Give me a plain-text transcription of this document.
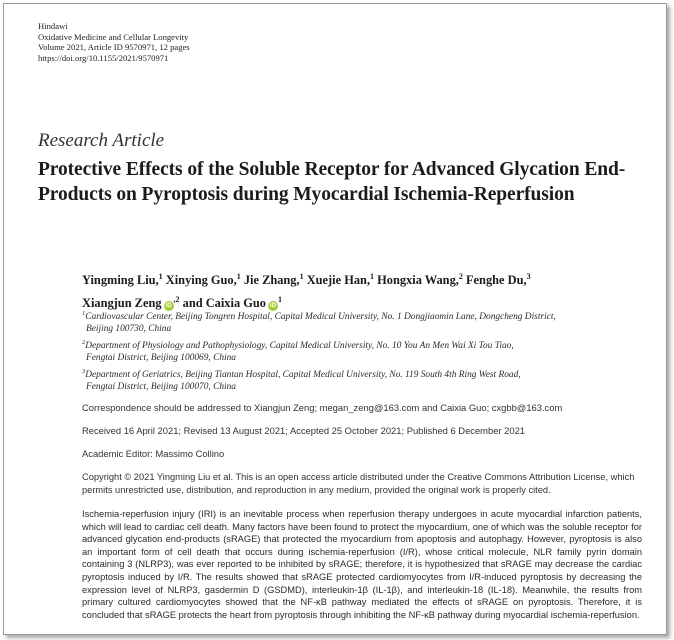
Hindawi
Oxidative Medicine and Cellular Longevity
Volume 2021, Article ID 9570971, 12 pages
https://doi.org/10.1155/2021/9570971
Research Article
Protective Effects of the Soluble Receptor for Advanced Glycation End-Products on Pyroptosis during Myocardial Ischemia-Reperfusion
Yingming Liu,$^1$ Xinying Guo,$^1$ Jie Zhang,$^1$ Xuejie Han,$^1$ Hongxia Wang,$^2$ Fenghe Du,$^3$
Xiangjun Zeng $iD^{,2}$ and Caixia Guo $iD^1$
$^1$Cardiovascular Center, Beijing Tongren Hospital, Capital Medical University, No. 1 Dongjiaomin Lane, Dongcheng District,
Beijing 100730, China
$^2$Department of Physiology and Pathophysiology, Capital Medical University, No. 10 You An Men Wai Xi Tou Tiao,
Fengtai District, Beijing 100069, China
$^3$Department of Geriatrics, Beijing Tiantan Hospital, Capital Medical University, No. 119 South 4th Ring West Road,
Fengtai District, Beijing 100070, China
Correspondence should be addressed to Xiangjun Zeng; megan_zeng@163.com and Caixia Guo; cxgbb@163.com
Received 16 April 2021; Revised 13 August 2021; Accepted 25 October 2021; Published 6 December 2021
Academic Editor: Massimo Collino
Copyright © 2021 Yingming Liu et al. This is an open access article distributed under the Creative Commons Attribution License, which permits unrestricted use, distribution, and reproduction in any medium, provided the original work is properly cited.
Ischemia-reperfusion injury (IRI) is an inevitable process when reperfusion therapy undergoes in acute myocardial infarction patients, which will lead to cardiac cell death. Many factors have been found to protect the myocardium, one of which was the soluble receptor for advanced glycation end-products (sRAGE) that protected the myocardium from apoptosis and autophagy. However, pyroptosis is also an important form of cell death that occurs during ischemia-reperfusion (I/R), whose critical molecule, NLR family pyrin domain containing 3 (NLRP3), was ever reported to be inhibited by sRAGE; therefore, it is hypothesized that sRAGE may decrease the cardiac pyroptosis induced by I/R. The results showed that sRAGE protected cardiomyocytes from I/R-induced pyroptosis by decreasing the expression level of NLRP3, gasdermin D (GSDMD), interleukin-1β (IL-1β), and interleukin-18 (IL-18). Meanwhile, the results from primary cultured cardiomyocytes showed that the NF-κB pathway mediated the effects of sRAGE on pyroptosis. Therefore, it is concluded that sRAGE protects the heart from pyroptosis through inhibiting the NF-κB pathway during myocardial ischemia-reperfusion.
